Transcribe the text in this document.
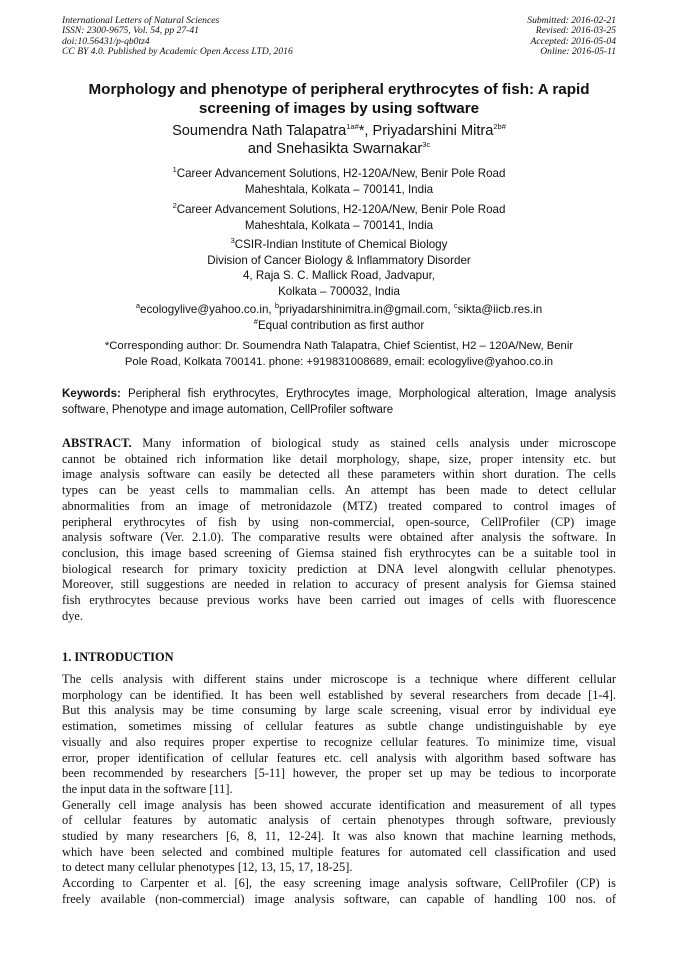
International Letters of Natural Sciences
ISSN: 2300-9675, Vol. 54, pp 27-41
doi:10.56431/p-qb0tz4
CC BY 4.0. Published by Academic Open Access LTD, 2016
Submitted: 2016-02-21
Revised: 2016-03-25
Accepted: 2016-05-04
Online: 2016-05-11
Morphology and phenotype of peripheral erythrocytes of fish: A rapid
screening of images by using software
Soumendra Nath Talapatra$^{1a\#}$*, Priyadarshini Mitra$^{2b\#}$
and Snehasikta Swarnakar$^{3c}$
$^1$Career Advancement Solutions, H2-120A/New, Benir Pole Road
Maheshtala, Kolkata – 700141, India
$^2$Career Advancement Solutions, H2-120A/New, Benir Pole Road
Maheshtala, Kolkata – 700141, India
$^3$CSIR-Indian Institute of Chemical Biology
Division of Cancer Biology & Inflammatory Disorder
4, Raja S. C. Mallick Road, Jadvapur,
Kolkata – 700032, India
$^a$ecologylive@yahoo.co.in, $^b$priyadarshinimitra.in@gmail.com, $^c$sikta@iicb.res.in
#Equal contribution as first author
*Corresponding author: Dr. Soumendra Nath Talapatra, Chief Scientist, H2 – 120A/New, Benir
Pole Road, Kolkata 700141. phone: +919831008689, email: ecologylive@yahoo.co.in
Keywords: Peripheral fish erythrocytes, Erythrocytes image, Morphological alteration, Image analysis software, Phenotype and image automation, CellProfiler software
ABSTRACT. Many information of biological study as stained cells analysis under microscope
cannot be obtained rich information like detail morphology, shape, size, proper intensity etc. but
image analysis software can easily be detected all these parameters within short duration. The cells
types can be yeast cells to mammalian cells. An attempt has been made to detect cellular
abnormalities from an image of metronidazole (MTZ) treated compared to control images of
peripheral erythrocytes of fish by using non-commercial, open-source, CellProfiler (CP) image
analysis software (Ver. 2.1.0). The comparative results were obtained after analysis the software. In
conclusion, this image based screening of Giemsa stained fish erythrocytes can be a suitable tool in
biological research for primary toxicity prediction at DNA level alongwith cellular phenotypes.
Moreover, still suggestions are needed in relation to accuracy of present analysis for Giemsa stained
fish erythrocytes because previous works have been carried out images of cells with fluorescence
dye.
1. INTRODUCTION
The cells analysis with different stains under microscope is a technique where different cellular
morphology can be identified. It has been well established by several researchers from decade [1-4].
But this analysis may be time consuming by large scale screening, visual error by individual eye
estimation, sometimes missing of cellular features as subtle change undistinguishable by eye
visually and also requires proper expertise to recognize cellular features. To minimize time, visual
error, proper identification of cellular features etc. cell analysis with algorithm based software has
been recommended by researchers [5-11] however, the proper set up may be tedious to incorporate
the input data in the software [11].
Generally cell image analysis has been showed accurate identification and measurement of all types
of cellular features by automatic analysis of certain phenotypes through software, previously
studied by many researchers [6, 8, 11, 12-24]. It was also known that machine learning methods,
which have been selected and combined multiple features for automated cell classification and used
to detect many cellular phenotypes [12, 13, 15, 17, 18-25].
According to Carpenter et al. [6], the easy screening image analysis software, CellProfiler (CP) is
freely available (non-commercial) image analysis software, can capable of handling 100 nos. of
